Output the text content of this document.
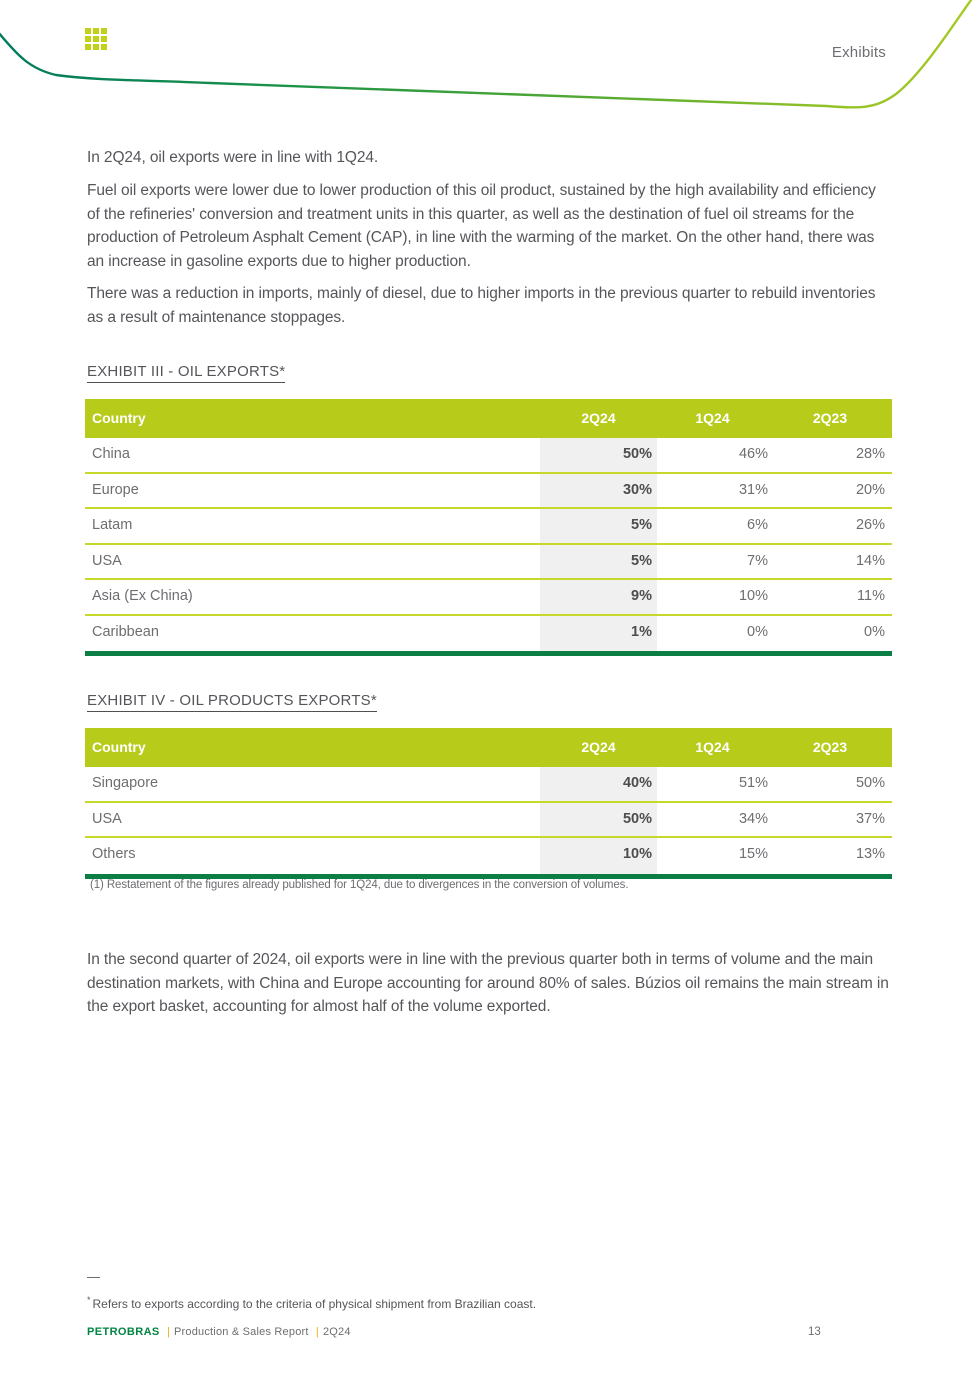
Exhibits

In 2Q24, oil exports were in line with 1Q24.

Fuel oil exports were lower due to lower production of this oil product, sustained by the high availability and efficiency of the refineries' conversion and treatment units in this quarter, as well as the destination of fuel oil streams for the production of Petroleum Asphalt Cement (CAP), in line with the warming of the market. On the other hand, there was an increase in gasoline exports due to higher production.

There was a reduction in imports, mainly of diesel, due to higher imports in the previous quarter to rebuild inventories as a result of maintenance stoppages.

EXHIBIT III - OIL EXPORTS*
Country	2Q24	1Q24	2Q23
China	50%	46%	28%
Europe	30%	31%	20%
Latam	5%	6%	26%
USA	5%	7%	14%
Asia (Ex China)	9%	10%	11%
Caribbean	1%	0%	0%
EXHIBIT IV - OIL PRODUCTS EXPORTS*
Country	2Q24	1Q24	2Q23
Singapore	40%	51%	50%
USA	50%	34%	37%
Others	10%	15%	13%
(1) Restatement of the figures already published for 1Q24, due to divergences in the conversion of volumes.

In the second quarter of 2024, oil exports were in line with the previous quarter both in terms of volume and the main destination markets, with China and Europe accounting for around 80% of sales. Búzios oil remains the main stream in the export basket, accounting for almost half of the volume exported.

* Refers to exports according to the criteria of physical shipment from Brazilian coast.
PETROBRAS | Production & Sales Report | 2Q24	13
